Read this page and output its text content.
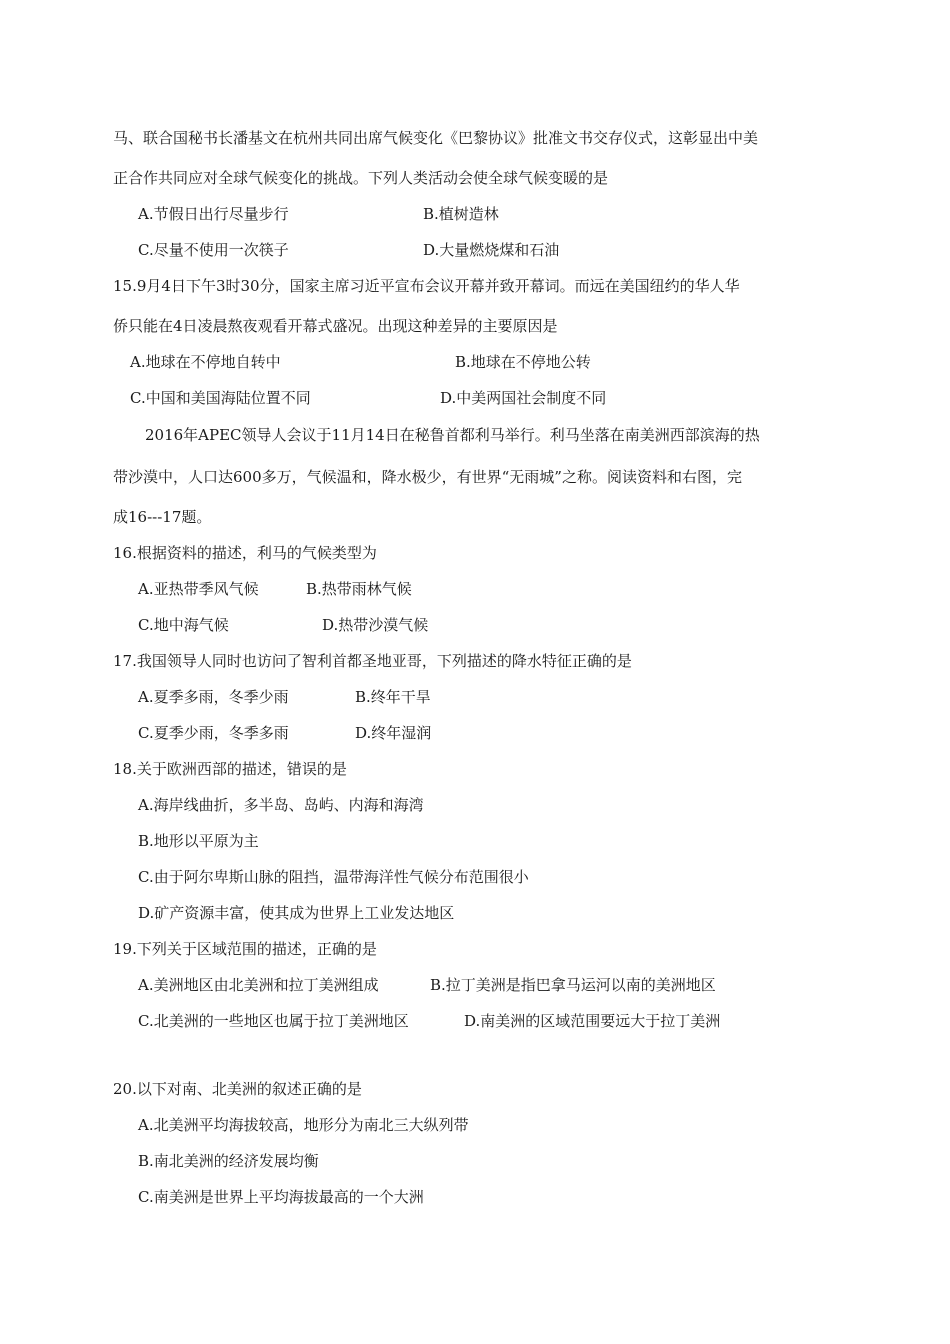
马、联合国秘书长潘基文在杭州共同出席气候变化《巴黎协议》批准文书交存仪式，这彰显出中美
正合作共同应对全球气候变化的挑战。下列人类活动会使全球气候变暖的是
A.节假日出行尽量步行	B.植树造林
C.尽量不使用一次筷子	D.大量燃烧煤和石油
15.9月4日下午3时30分，国家主席习近平宣布会议开幕并致开幕词。而远在美国纽约的华人华
侨只能在4日凌晨熬夜观看开幕式盛况。出现这种差异的主要原因是
A.地球在不停地自转中	B.地球在不停地公转
C.中国和美国海陆位置不同	D.中美两国社会制度不同
2016年APEC领导人会议于11月14日在秘鲁首都利马举行。利马坐落在南美洲西部滨海的热
带沙漠中，人口达600多万，气候温和，降水极少，有世界“无雨城”之称。阅读资料和右图，完
成16---17题。
16.根据资料的描述，利马的气候类型为
A.亚热带季风气候	B.热带雨林气候
C.地中海气候	D.热带沙漠气候
17.我国领导人同时也访问了智利首都圣地亚哥，下列描述的降水特征正确的是
A.夏季多雨，冬季少雨	B.终年干旱
C.夏季少雨，冬季多雨	D.终年湿润
18.关于欧洲西部的描述，错误的是
A.海岸线曲折，多半岛、岛屿、内海和海湾
B.地形以平原为主
C.由于阿尔卑斯山脉的阻挡，温带海洋性气候分布范围很小
D.矿产资源丰富，使其成为世界上工业发达地区
19.下列关于区域范围的描述，正确的是
A.美洲地区由北美洲和拉丁美洲组成	B.拉丁美洲是指巴拿马运河以南的美洲地区
C.北美洲的一些地区也属于拉丁美洲地区	D.南美洲的区域范围要远大于拉丁美洲
20.以下对南、北美洲的叙述正确的是
A.北美洲平均海拔较高，地形分为南北三大纵列带
B.南北美洲的经济发展均衡
C.南美洲是世界上平均海拔最高的一个大洲
